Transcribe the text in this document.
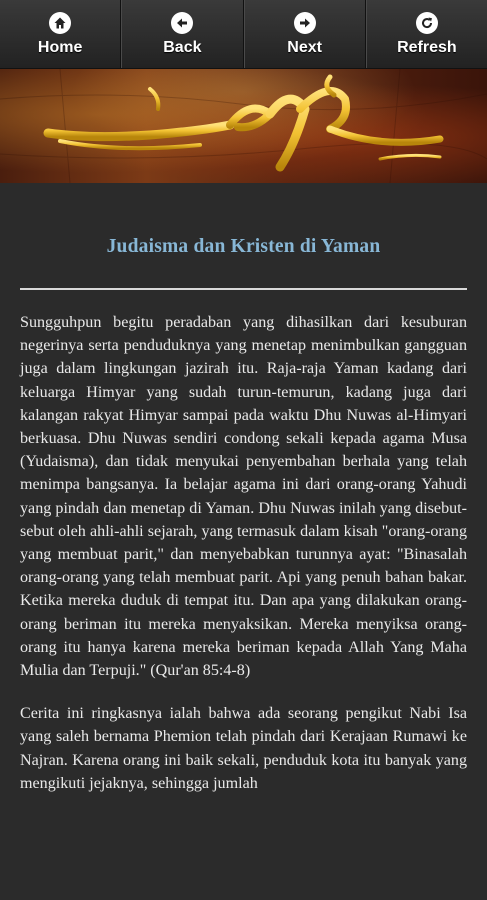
Home	Back	Next	Refresh
Judaisma dan Kristen di Yaman

Sungguhpun begitu peradaban yang dihasilkan dari kesuburan negerinya serta penduduknya yang menetap menimbulkan gangguan juga dalam lingkungan jazirah itu. Raja-raja Yaman kadang dari keluarga Himyar yang sudah turun-temurun, kadang juga dari kalangan rakyat Himyar sampai pada waktu Dhu Nuwas al-Himyari berkuasa. Dhu Nuwas sendiri condong sekali kepada agama Musa (Yudaisma), dan tidak menyukai penyembahan berhala yang telah menimpa bangsanya. Ia belajar agama ini dari orang-orang Yahudi yang pindah dan menetap di Yaman. Dhu Nuwas inilah yang disebut-sebut oleh ahli-ahli sejarah, yang termasuk dalam kisah "orang-orang yang membuat parit," dan menyebabkan turunnya ayat: "Binasalah orang-orang yang telah membuat parit. Api yang penuh bahan bakar. Ketika mereka duduk di tempat itu. Dan apa yang dilakukan orang-orang beriman itu mereka menyaksikan. Mereka menyiksa orang-orang itu hanya karena mereka beriman kepada Allah Yang Maha Mulia dan Terpuji." (Qur'an 85:4-8)

Cerita ini ringkasnya ialah bahwa ada seorang pengikut Nabi Isa yang saleh bernama Phemion telah pindah dari Kerajaan Rumawi ke Najran. Karena orang ini baik sekali, penduduk kota itu banyak yang mengikuti jejaknya, sehingga jumlah
